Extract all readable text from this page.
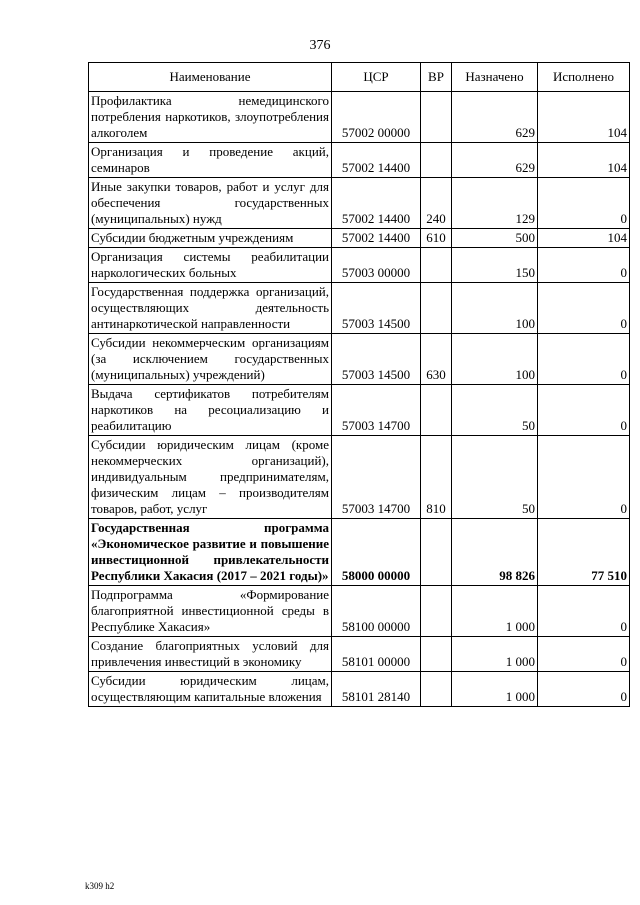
376
Наименование	ЦСР	ВР	Назначено	Исполнено
Профилактика немедицинского потребления наркотиков, злоупотребления алкоголем	57002 00000		629	104
Организация и проведение акций, семинаров	57002 14400		629	104
Иные закупки товаров, работ и услуг для обеспечения государственных (муниципальных) нужд	57002 14400	240	129	0
Субсидии бюджетным учреждениям	57002 14400	610	500	104
Организация системы реабилитации наркологических больных	57003 00000		150	0
Государственная поддержка организаций, осуществляющих деятельность антинаркотической направленности	57003 14500		100	0
Субсидии некоммерческим организациям (за исключением государственных (муниципальных) учреждений)	57003 14500	630	100	0
Выдача сертификатов потребителям наркотиков на ресоциализацию и реабилитацию	57003 14700		50	0
Субсидии юридическим лицам (кроме некоммерческих организаций), индивидуальным предпринимателям, физическим лицам – производителям товаров, работ, услуг	57003 14700	810	50	0
Государственная программа «Экономическое развитие и повышение инвестиционной привлекательности Республики Хакасия (2017 – 2021 годы)»	58000 00000		98 826	77 510
Подпрограмма «Формирование благоприятной инвестиционной среды в Республике Хакасия»	58100 00000		1 000	0
Создание благоприятных условий для привлечения инвестиций в экономику	58101 00000		1 000	0
Субсидии юридическим лицам, осуществляющим капитальные вложения	58101 28140		1 000	0
k309 h2
